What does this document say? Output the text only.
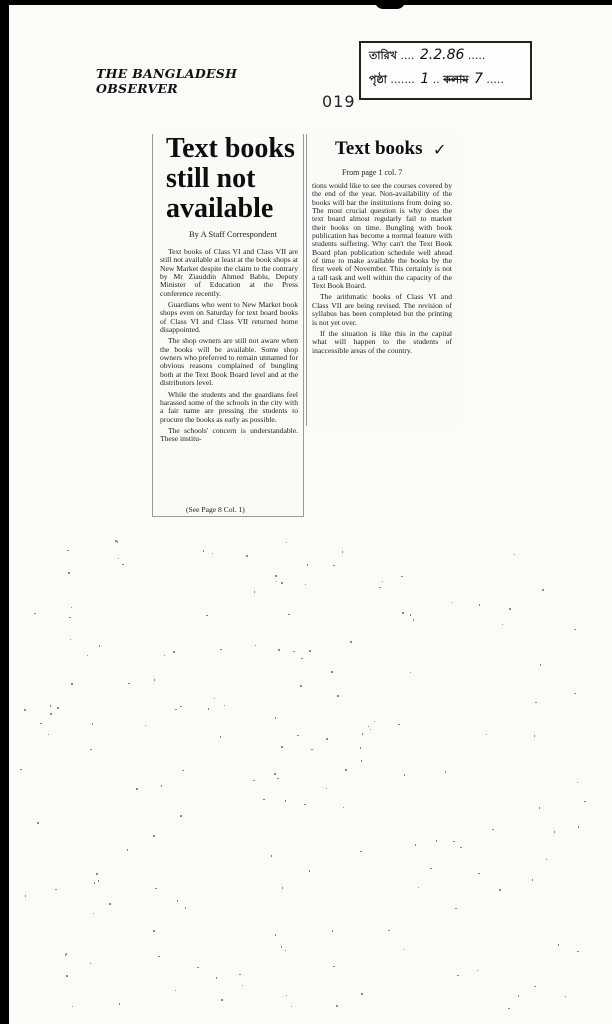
THE BANGLADESH OBSERVER
তারিখ .... 2.2.86 .....
পৃষ্ঠা ....... 1 .. কলাম 7 .....
019
Text books
still not
available
By A Staff Correspondent

Text books of Class VI and Class VII are still not available at least at the book shops at New Market despite the claim to the contrary by Mr Ziauddin Ahmed Bablu, Deputy Minister of Education at the Press conference recently.

Guardians who went to New Market book shops even on Saturday for text board books of Class VI and Class VII returned home disappointed.

The shop owners are still not aware when the books will be available. Some shop owners who preferred to remain unnamed for obvious reasons complained of bungling both at the Text Book Board level and at the distributors level.

While the students and the guardians feel harassed some of the schools in the city with a fair name are pressing the students to procure the books as early as possible.

The schools' concern is understandable. These institu-

(See Page 8 Col. 1)
Text books ✓
From page 1 col. 7

tions would like to see the courses covered by the end of the year. Non-availability of the books will bar the institutions from doing so. The most crucial question is why does the text board almost regularly fail to market their books on time. Bungling with book publication has become a normal feature with students suffering. Why can't the Text Book Board plan publication schedule well ahead of time to make available the books by the first week of November. This certainly is not a tall task and well within the capacity of the Text Book Board.

The arithmatic books of Class VI and Class VII are being revised. The revision of syllabus has been completed but the printing is not yet over.

If the situation is like this in the capital what will happen to the students of inaccessible areas of the country.
